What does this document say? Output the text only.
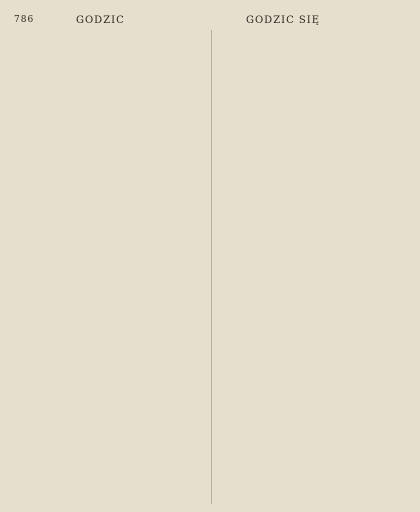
786	GODZIC	GODZIC SIĘ
